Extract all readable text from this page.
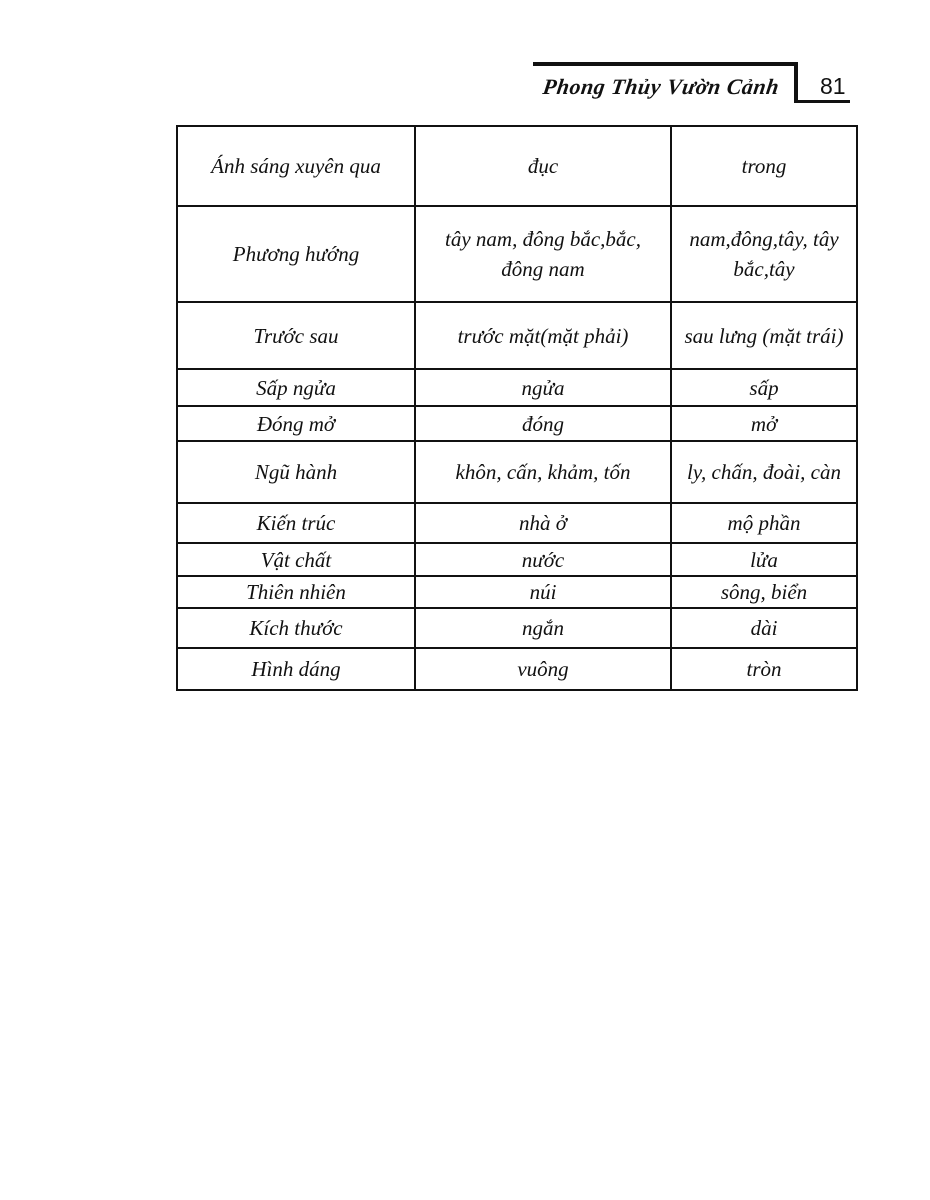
Phong Thủy Vườn Cảnh 81
Ánh sáng xuyên qua	đục	trong
Phương hướng	tây nam, đông bắc,bắc, đông nam	nam,đông,tây, tây bắc,tây
Trước sau	trước mặt(mặt phải)	sau lưng (mặt trái)
Sấp ngửa	ngửa	sấp
Đóng mở	đóng	mở
Ngũ hành	khôn, cấn, khảm, tốn	ly, chấn, đoài, càn
Kiến trúc	nhà ở	mộ phần
Vật chất	nước	lửa
Thiên nhiên	núi	sông, biển
Kích thước	ngắn	dài
Hình dáng	vuông	tròn
